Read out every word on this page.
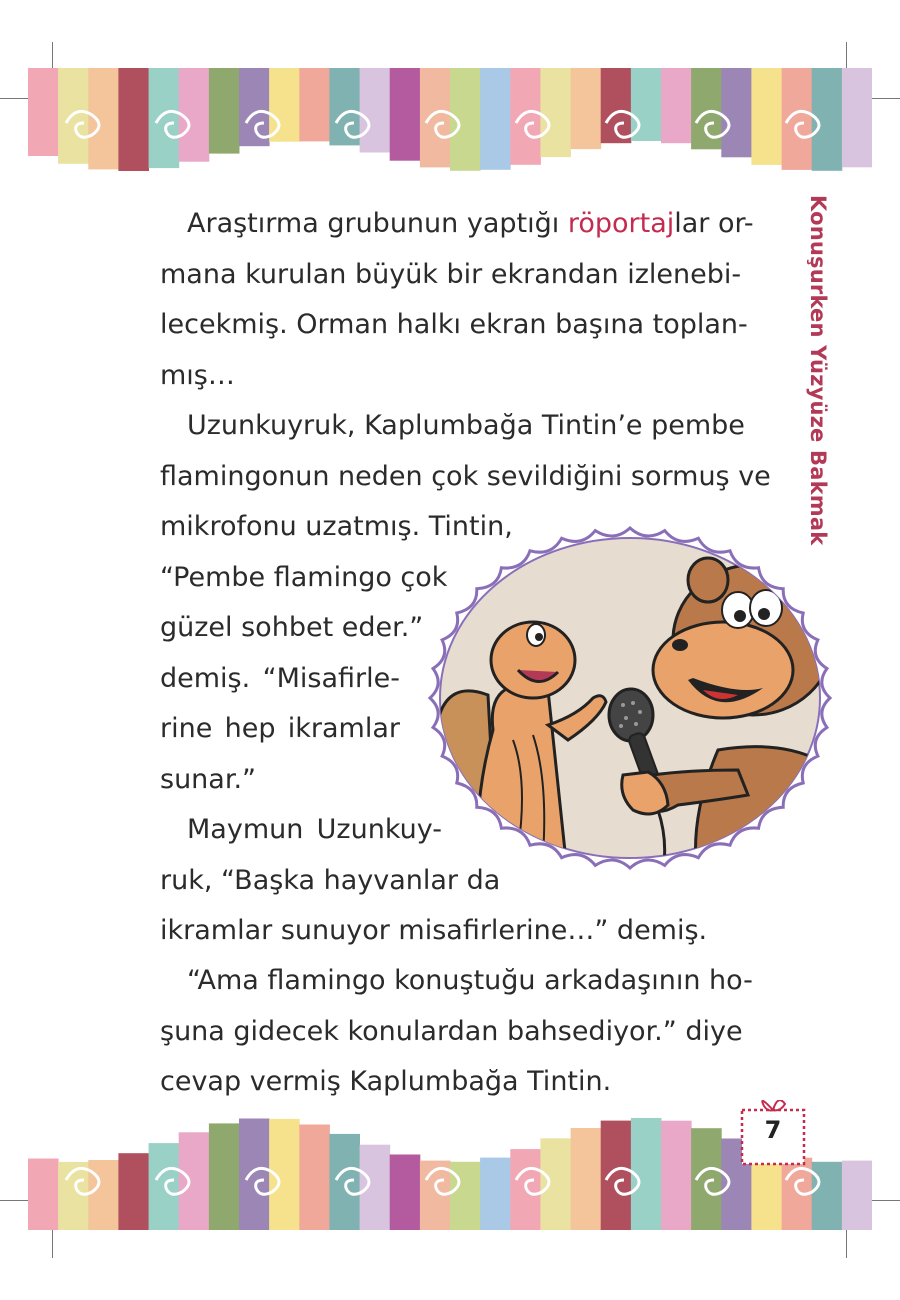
Konuşurken Yüzyüze Bakmak
Araştırma grubunun yaptığı röportajlar or-
mana kurulan büyük bir ekrandan izlenebi-
lecekmiş. Orman halkı ekran başına toplan-
mış…
Uzunkuyruk, Kaplumbağa Tintin’e pembe
flamingonun neden çok sevildiğini sormuş ve
mikrofonu uzatmış. Tintin,
“Pembe flamingo çok
güzel sohbet eder.”
demiş. “Misafirle-
rine hep ikramlar
sunar.”
Maymun Uzunkuy-
ruk, “Başka hayvanlar da
ikramlar sunuyor misafirlerine…” demiş.
“Ama flamingo konuştuğu arkadaşının ho-
şuna gidecek konulardan bahsediyor.” diye
cevap vermiş Kaplumbağa Tintin.
7
